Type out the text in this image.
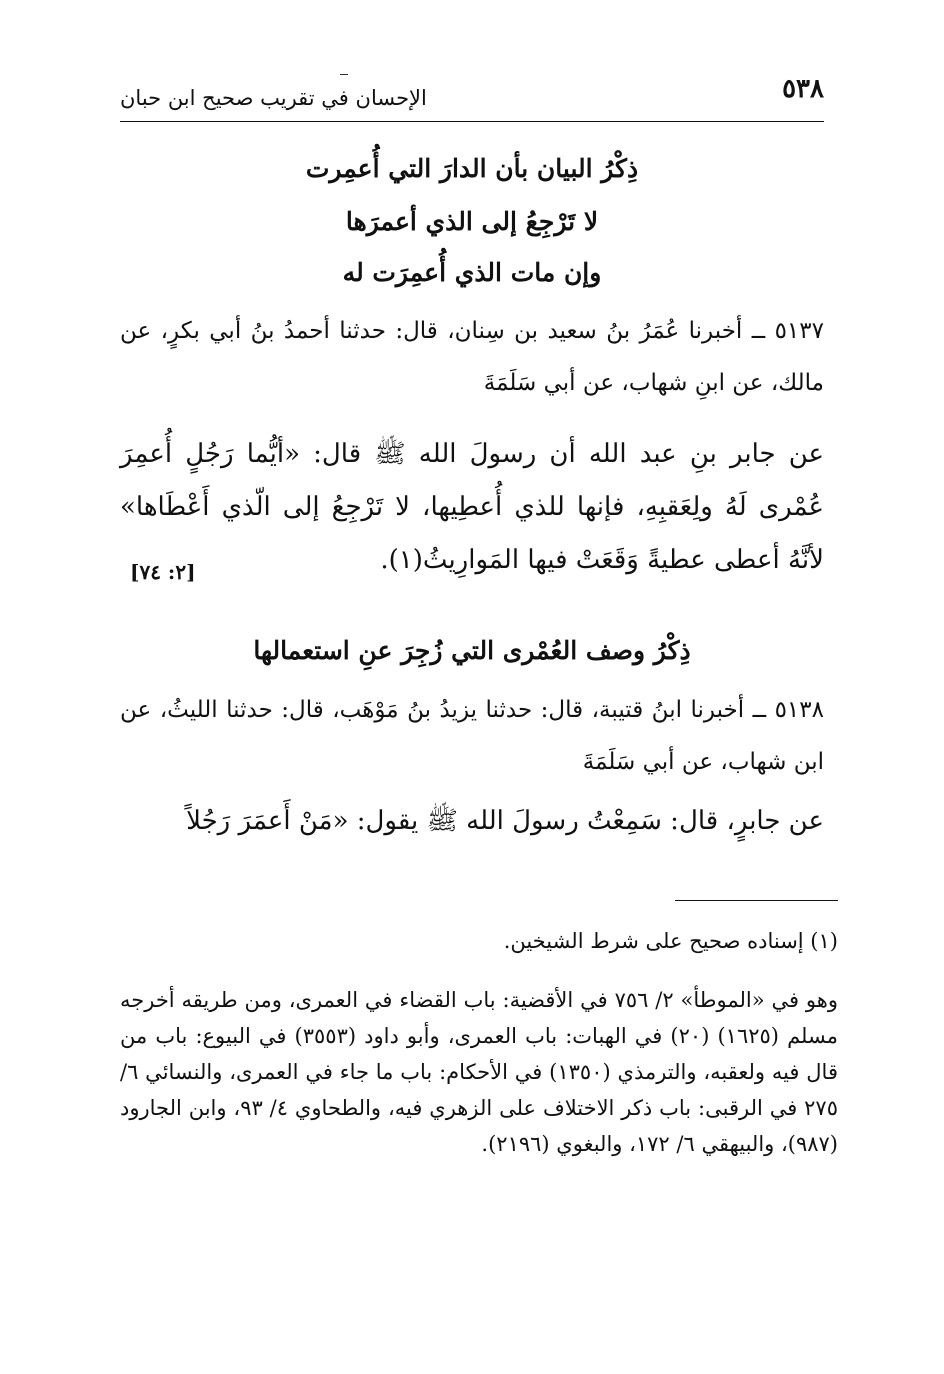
٥٣٨
الإحسان في تقريب صحيح ابن حبان
ذِكْرُ البيان بأن الدارَ التي أُعمِرت
لا تَرْجِعُ إلى الذي أعمرَها
وإن مات الذي أُعمِرَت له
٥١٣٧ ــ أخبرنا عُمَرُ بنُ سعيد بن سِنان، قال: حدثنا أحمدُ بنُ أبي بكرٍ، عن مالك، عن ابنِ شهاب، عن أبي سَلَمَةَ
عن جابر بنِ عبد الله أن رسولَ الله ﷺ قال: «أيُّما رَجُلٍ أُعمِرَ عُمْرى لَهُ ولِعَقبِهِ، فإنها للذي أُعطِيها، لا تَرْجِعُ إلى الّذي أَعْطَاها» لأنَّهُ أعطى عطيةً وَقَعَتْ فيها المَوارِيثُ(١).
[٢: ٧٤]
ذِكْرُ وصف العُمْرى التي زُجِرَ عنِ استعمالها
٥١٣٨ ــ أخبرنا ابنُ قتيبة، قال: حدثنا يزيدُ بنُ مَوْهَب، قال: حدثنا الليثُ، عن ابن شهاب، عن أبي سَلَمَةَ
عن جابرٍ، قال: سَمِعْتُ رسولَ الله ﷺ يقول: «مَنْ أَعمَرَ رَجُلاً
(١) إسناده صحيح على شرط الشيخين.
وهو في «الموطأ» ٢/ ٧٥٦ في الأقضية: باب القضاء في العمرى، ومن طريقه أخرجه مسلم (١٦٢٥) (٢٠) في الهبات: باب العمرى، وأبو داود (٣٥٥٣) في البيوع: باب من قال فيه ولعقبه، والترمذي (١٣٥٠) في الأحكام: باب ما جاء في العمرى، والنسائي ٦/ ٢٧٥ في الرقبى: باب ذكر الاختلاف على الزهري فيه، والطحاوي ٤/ ٩٣، وابن الجارود (٩٨٧)، والبيهقي ٦/ ١٧٢، والبغوي (٢١٩٦).
